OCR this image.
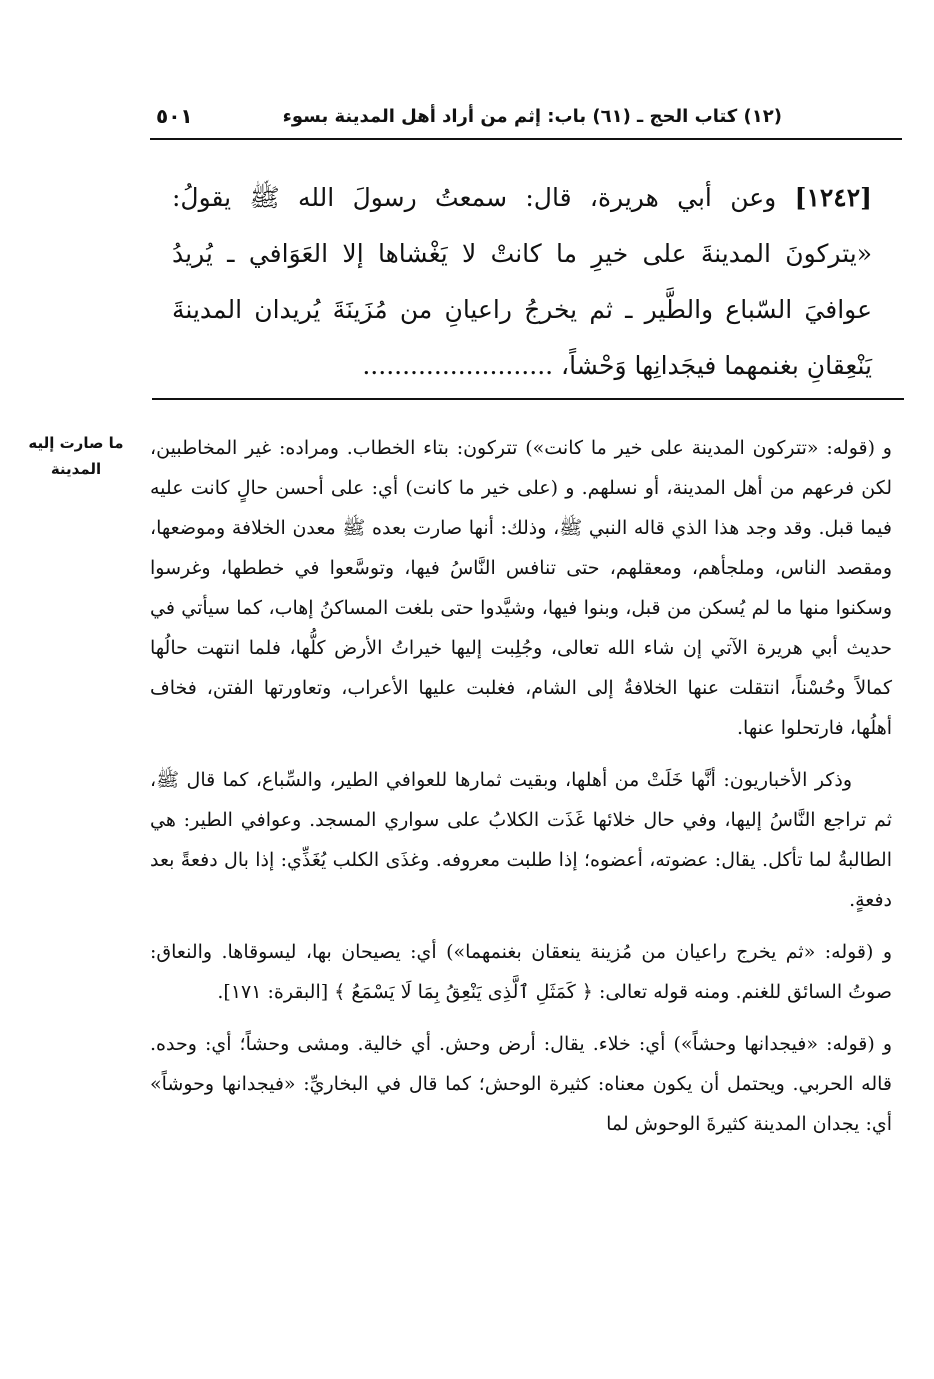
(١٢) كتاب الحج ـ (٦١) باب: إثم من أراد أهل المدينة بسوء
٥٠١

[١٢٤٢] وعن أبي هريرة، قال: سمعتُ رسولَ الله ﷺ يقولُ: «يتركونَ المدينةَ على خيرِ ما كانتْ لا يَغْشاها إلا العَوَافي ـ يُريدُ عوافيَ السّباع والطَّير ـ ثم يخرجُ راعيانِ من مُزَينَةَ يُريدان المدينةَ يَنْعِقانِ بغنمهما فيجَدانِها وَحْشاً، ........................

ما صارت إليه المدينة

و (قوله: «تتركون المدينة على خير ما كانت») تتركون: بتاء الخطاب. ومراده: غير المخاطبين، لكن فرعهم من أهل المدينة، أو نسلهم. و (على خير ما كانت) أي: على أحسن حالٍ كانت عليه فيما قبل. وقد وجد هذا الذي قاله النبي ﷺ، وذلك: أنها صارت بعده ﷺ معدن الخلافة وموضعها، ومقصد الناس، وملجأهم، ومعقلهم، حتى تنافس النَّاسُ فيها، وتوسَّعوا في خططها، وغرسوا وسكنوا منها ما لم يُسكن من قبل، وبنوا فيها، وشيَّدوا حتى بلغت المساكنُ إهاب، كما سيأتي في حديث أبي هريرة الآتي إن شاء الله تعالى، وجُلِبت إليها خيراتُ الأرض كلُّها، فلما انتهت حالُها كمالاً وحُسْناً، انتقلت عنها الخلافةُ إلى الشام، فغلبت عليها الأعراب، وتعاورتها الفتن، فخاف أهلُها، فارتحلوا عنها.

وذكر الأخباريون: أنَّها خَلَتْ من أهلها، وبقيت ثمارها للعوافي الطير، والسِّباع، كما قال ﷺ، ثم تراجع النَّاسُ إليها، وفي حال خلائها غَذَت الكلابُ على سواري المسجد. وعوافي الطير: هي الطالبةُ لما تأكل. يقال: عضوته، أعضوه؛ إذا طلبت معروفه. وغذَى الكلب يُغَذِّي: إذا بال دفعةً بعد دفعةٍ.

و (قوله: «ثم يخرج راعيان من مُزينة ينعقان بغنمهما») أي: يصيحان بها، ليسوقاها. والنعاق: صوتُ السائق للغنم. ومنه قوله تعالى: ﴿ كَمَثَلِ ٱلَّذِى يَنْعِقُ بِمَا لَا يَسْمَعُ ﴾ [البقرة: ١٧١].

و (قوله: «فيجدانها وحشاً») أي: خلاء. يقال: أرض وحش. أي خالية. ومشى وحشاً؛ أي: وحده. قاله الحربي. ويحتمل أن يكون معناه: كثيرة الوحش؛ كما قال في البخاريِّ: «فيجدانها وحوشاً» أي: يجدان المدينة كثيرةَ الوحوش لما
